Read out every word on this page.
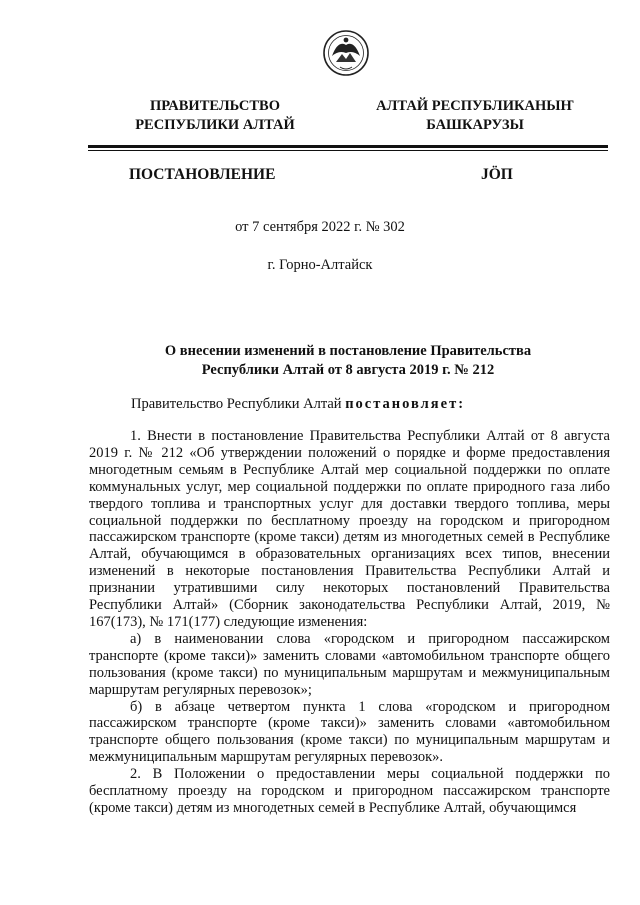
ПРАВИТЕЛЬСТВО
РЕСПУБЛИКИ АЛТАЙ
АЛТАЙ РЕСПУБЛИКАНЫҤ
БАШКАРУЗЫ
ПОСТАНОВЛЕНИЕ	JӦП
от 7 сентября 2022 г. № 302
г. Горно-Алтайск
О внесении изменений в постановление Правительства
Республики Алтай от 8 августа 2019 г. № 212
Правительство Республики Алтай постановляет:

1. Внести в постановление Правительства Республики Алтай от 8 августа 2019 г. № 212 «Об утверждении положений о порядке и форме предоставления многодетным семьям в Республике Алтай мер социальной поддержки по оплате коммунальных услуг, мер социальной поддержки по оплате природного газа либо твердого топлива и транспортных услуг для доставки твердого топлива, меры социальной поддержки по бесплатному проезду на городском и пригородном пассажирском транспорте (кроме такси) детям из многодетных семей в Республике Алтай, обучающимся в образовательных организациях всех типов, внесении изменений в некоторые постановления Правительства Республики Алтай и признании утратившими силу некоторых постановлений Правительства Республики Алтай» (Сборник законодательства Республики Алтай, 2019, № 167(173), № 171(177) следующие изменения:

а) в наименовании слова «городском и пригородном пассажирском транспорте (кроме такси)» заменить словами «автомобильном транспорте общего пользования (кроме такси) по муниципальным маршрутам и межмуниципальным маршрутам регулярных перевозок»;

б) в абзаце четвертом пункта 1 слова «городском и пригородном пассажирском транспорте (кроме такси)» заменить словами «автомобильном транспорте общего пользования (кроме такси) по муниципальным маршрутам и межмуниципальным маршрутам регулярных перевозок».

2. В Положении о предоставлении меры социальной поддержки по бесплатному проезду на городском и пригородном пассажирском транспорте (кроме такси) детям из многодетных семей в Республике Алтай, обучающимся
